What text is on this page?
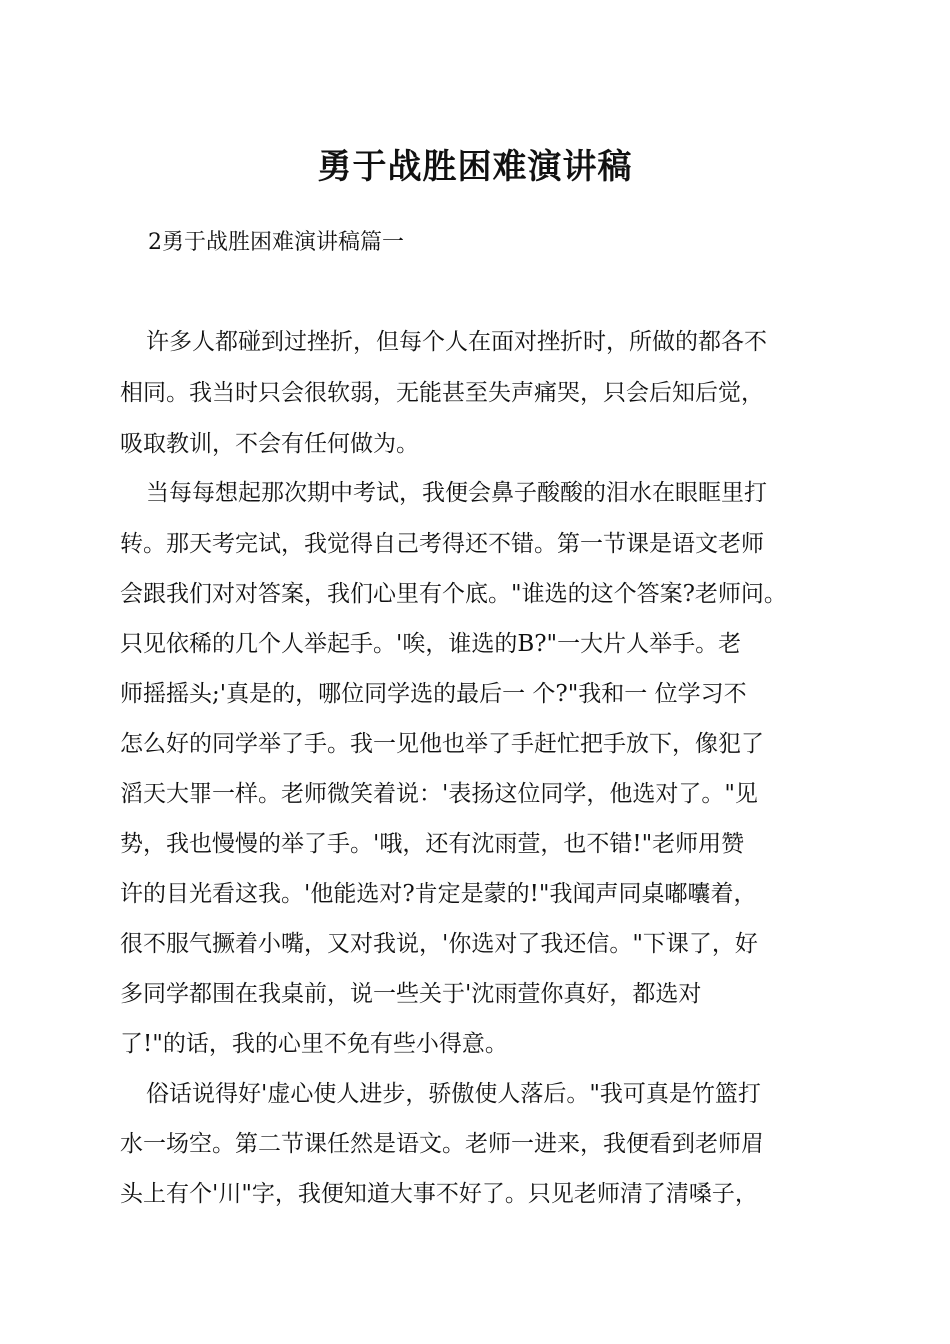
勇于战胜困难演讲稿
2勇于战胜困难演讲稿篇一
许多人都碰到过挫折，但每个人在面对挫折时，所做的都各不
相同。我当时只会很软弱，无能甚至失声痛哭，只会后知后觉，
吸取教训，不会有任何做为。
当每每想起那次期中考试，我便会鼻子酸酸的泪水在眼眶里打
转。那天考完试，我觉得自己考得还不错。第一节课是语文老师
会跟我们对对答案，我们心里有个底。"谁选的这个答案?老师问。
只见依稀的几个人举起手。'唉，谁选的B?"一大片人举手。老
师摇摇头;'真是的，哪位同学选的最后一 个?"我和一 位学习不
怎么好的同学举了手。我一见他也举了手赶忙把手放下，像犯了
滔天大罪一样。老师微笑着说：'表扬这位同学，他选对了。"见
势，我也慢慢的举了手。'哦，还有沈雨萱，也不错!"老师用赞
许的目光看这我。'他能选对?肯定是蒙的!"我闻声同桌嘟囔着，
很不服气撅着小嘴，又对我说，'你选对了我还信。"下课了，好
多同学都围在我桌前，说一些关于'沈雨萱你真好，都选对
了!"的话，我的心里不免有些小得意。
俗话说得好'虚心使人进步，骄傲使人落后。"我可真是竹篮打
水一场空。第二节课任然是语文。老师一进来，我便看到老师眉
头上有个'川"字，我便知道大事不好了。只见老师清了清嗓子，
